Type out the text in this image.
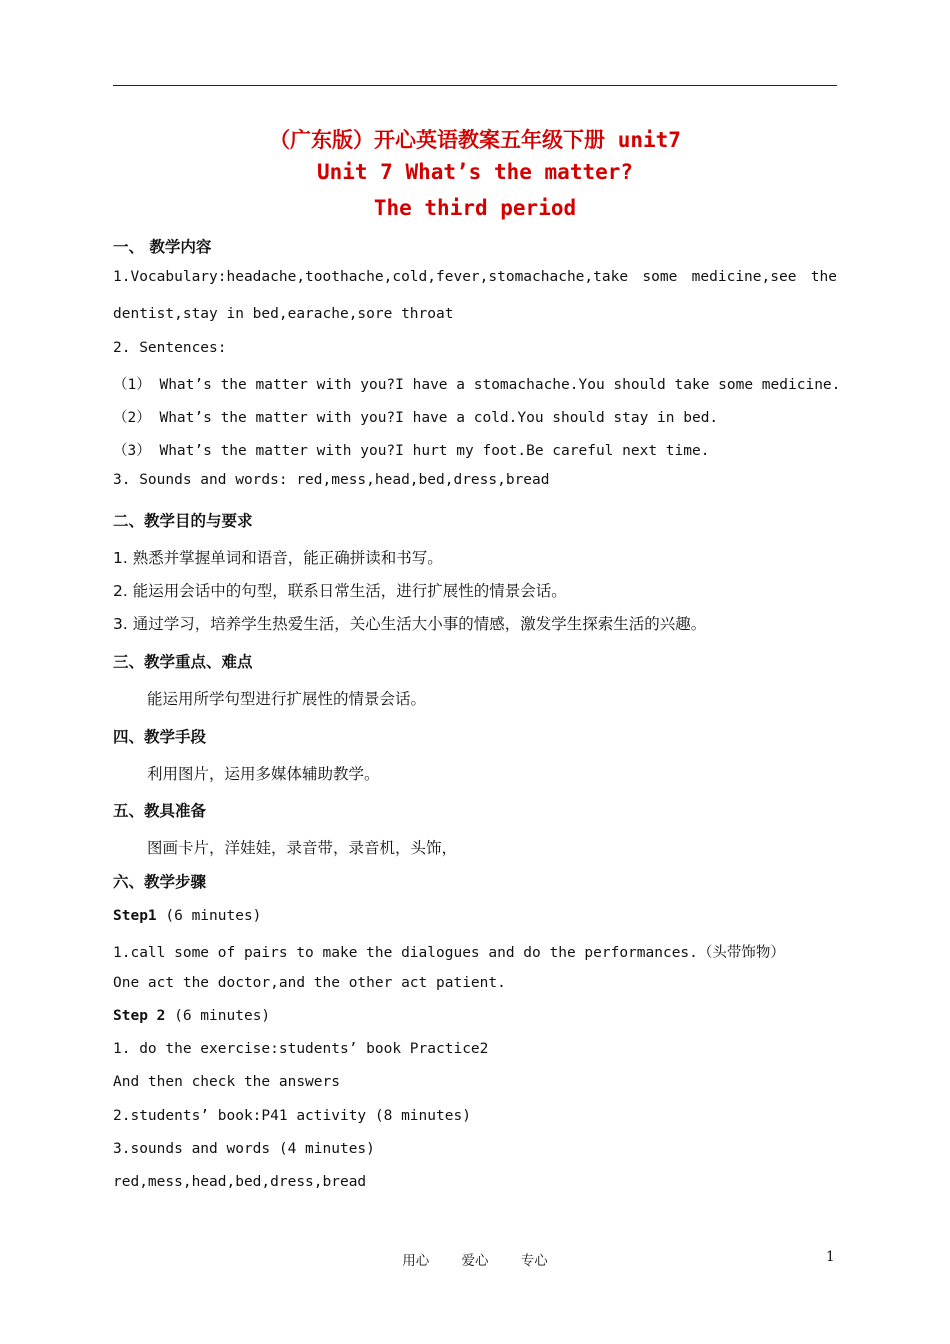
（广东版）开心英语教案五年级下册 unit7
Unit 7 What’s the matter?
The third period
一、 教学内容
1.Vocabulary:headache,toothache,cold,fever,stomachache,take some medicine,see the
dentist,stay in bed,earache,sore throat
2. Sentences:
（1） What’s the matter with you?I have a stomachache.You should take some medicine.
（2） What’s the matter with you?I have a cold.You should stay in bed.
（3） What’s the matter with you?I hurt my foot.Be careful next time.
3. Sounds and words: red,mess,head,bed,dress,bread
二、教学目的与要求
1. 熟悉并掌握单词和语音，能正确拼读和书写。
2. 能运用会话中的句型，联系日常生活，进行扩展性的情景会话。
3. 通过学习，培养学生热爱生活，关心生活大小事的情感，激发学生探索生活的兴趣。
三、教学重点、难点
能运用所学句型进行扩展性的情景会话。
四、教学手段
利用图片，运用多媒体辅助教学。
五、教具准备
图画卡片，洋娃娃，录音带，录音机，头饰，
六、教学步骤
Step1 (6 minutes)
1.call some of pairs to make the dialogues and do the performances.（头带饰物）
One act the doctor,and the other act patient.
Step 2 (6 minutes)
1. do the exercise:students’ book Practice2
And then check the answers
2.students’ book:P41 activity (8 minutes)
3.sounds and words (4 minutes)
red,mess,head,bed,dress,bread
用心 爱心 专心	1
